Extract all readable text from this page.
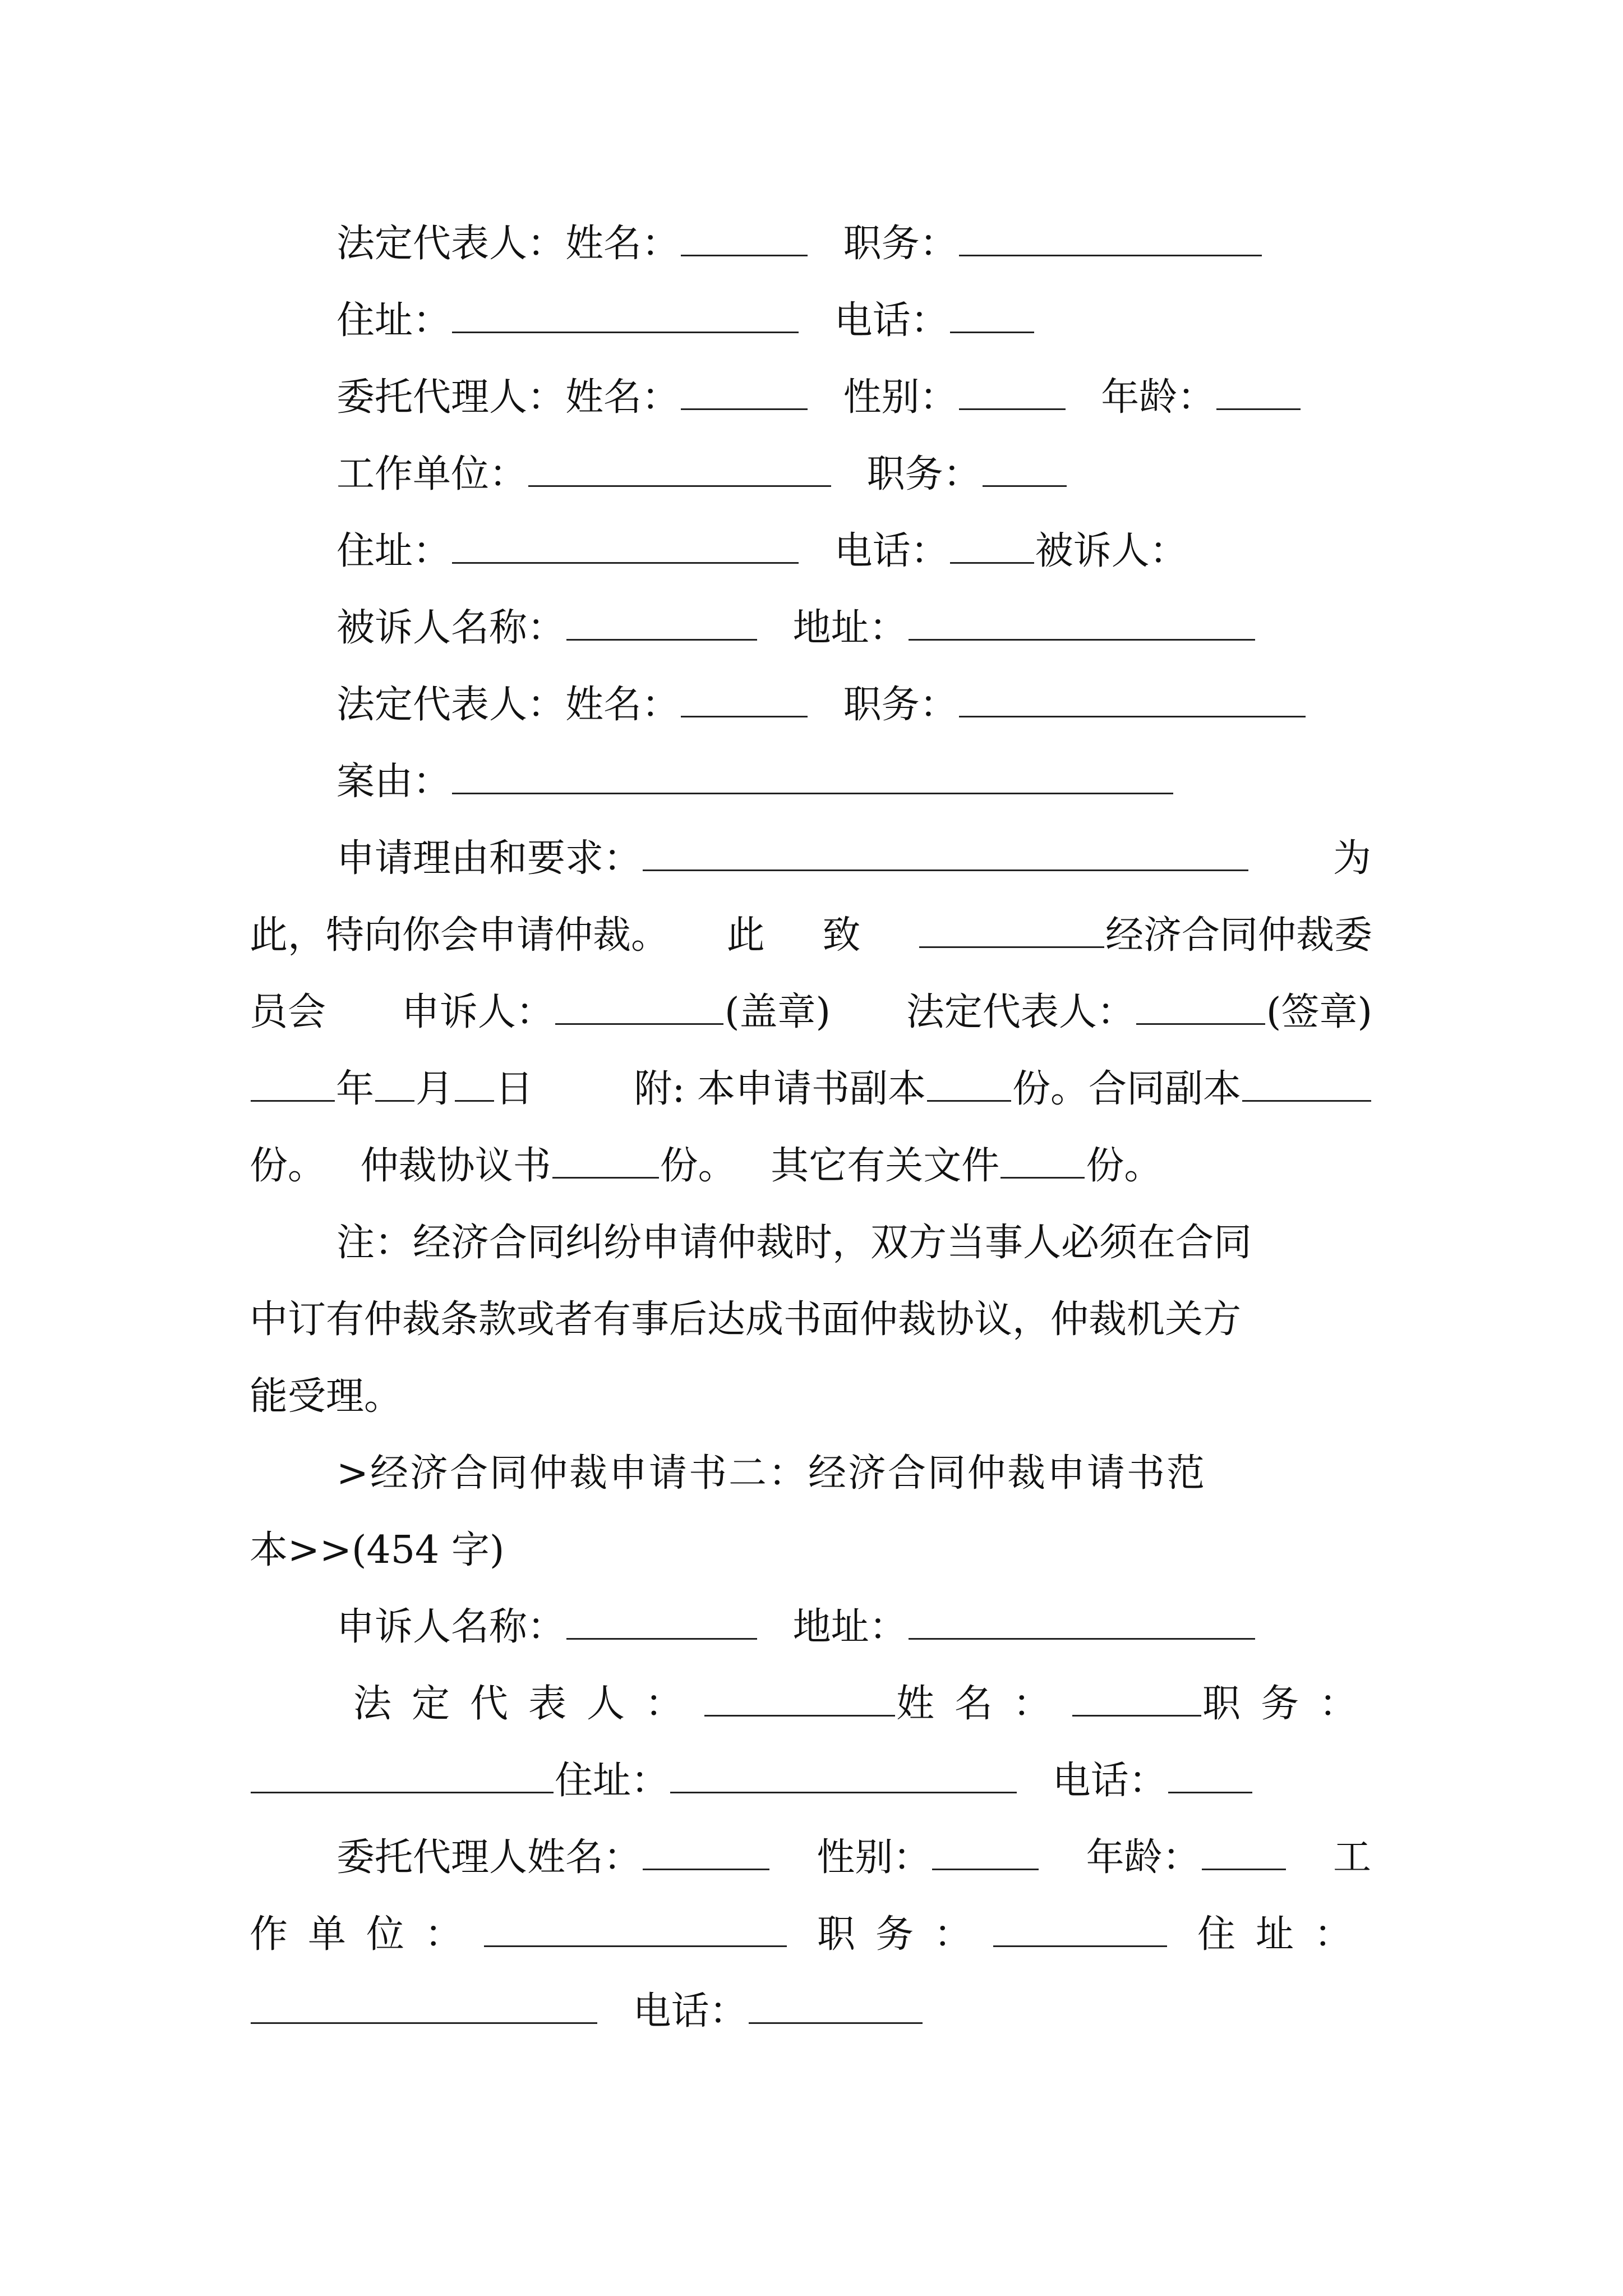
法定代表人：姓名：	职务：
住址：	电话：
委托代理人：姓名：	性别：	年龄：
工作单位：	职务：
住址：	电话： 被诉人：
被诉人名称：	地址：
法定代表人：姓名：	职务：
案由：
申请理由和要求：	为
此，特向你会申请仲裁。 此 致	经济合同仲裁委
员会 申诉人：	(盖章) 法定代表人：	(签章)
年 月 日	附: 本申请书副本 份。合同副本
份。 仲裁协议书	份。 其它有关文件 份。
注：经济合同纠纷申请仲裁时，双方当事人必须在合同
中订有仲裁条款或者有事后达成书面仲裁协议，仲裁机关方
能受理。
>经济合同仲裁申请书二：经济合同仲裁申请书范
本>>(454 字)
申诉人名称：	地址：
法定代表人：	姓名：	职务：
住址：	电话：
委托代理人姓名：	性别：	年龄：	工
作单位：	职务：	住址：
电话：
